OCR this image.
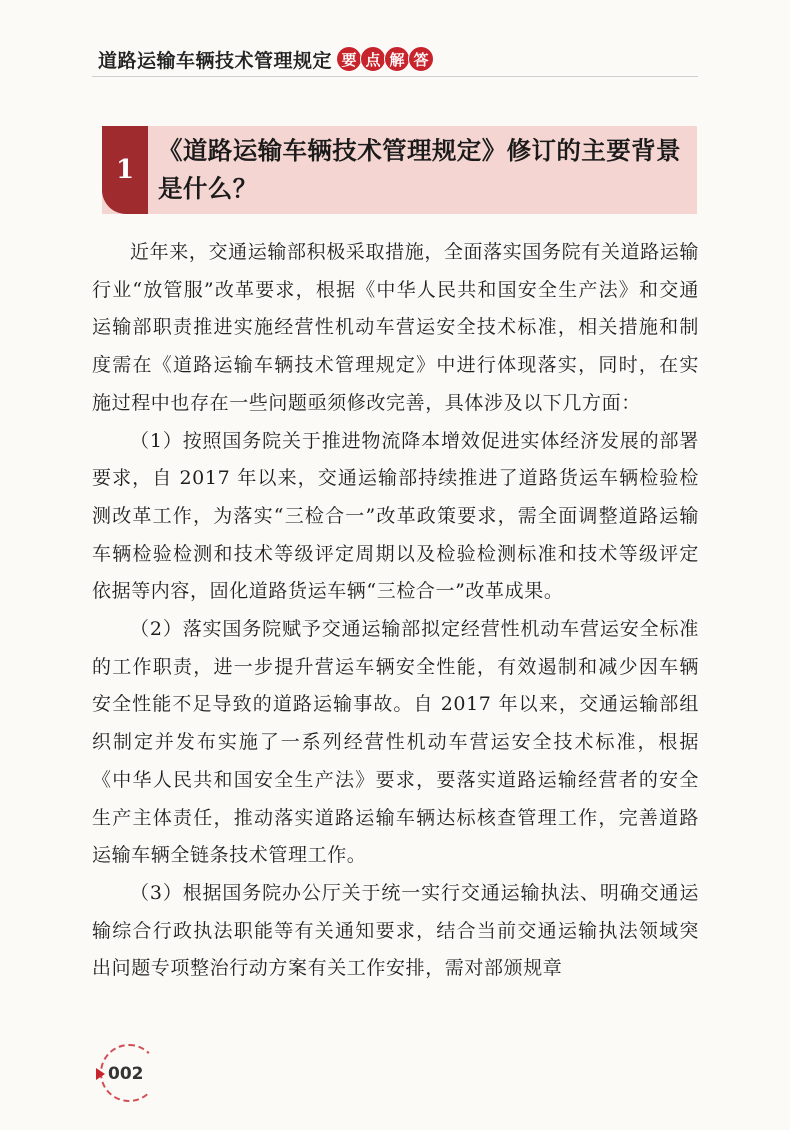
道路运输车辆技术管理规定 要 点 解 答
1
《道路运输车辆技术管理规定》修订的主要背景是什么？

近年来，交通运输部积极采取措施，全面落实国务院有关道路运输行业“放管服”改革要求，根据《中华人民共和国安全生产法》和交通运输部职责推进实施经营性机动车营运安全技术标准，相关措施和制度需在《道路运输车辆技术管理规定》中进行体现落实，同时，在实施过程中也存在一些问题亟须修改完善，具体涉及以下几方面：

（1）按照国务院关于推进物流降本增效促进实体经济发展的部署要求，自 2017 年以来，交通运输部持续推进了道路货运车辆检验检测改革工作，为落实“三检合一”改革政策要求，需全面调整道路运输车辆检验检测和技术等级评定周期以及检验检测标准和技术等级评定依据等内容，固化道路货运车辆“三检合一”改革成果。

（2）落实国务院赋予交通运输部拟定经营性机动车营运安全标准的工作职责，进一步提升营运车辆安全性能，有效遏制和减少因车辆安全性能不足导致的道路运输事故。自 2017 年以来，交通运输部组织制定并发布实施了一系列经营性机动车营运安全技术标准，根据《中华人民共和国安全生产法》要求，要落实道路运输经营者的安全生产主体责任，推动落实道路运输车辆达标核查管理工作，完善道路运输车辆全链条技术管理工作。

（3）根据国务院办公厅关于统一实行交通运输执法、明确交通运输综合行政执法职能等有关通知要求，结合当前交通运输执法领域突出问题专项整治行动方案有关工作安排，需对部颁规章

002
